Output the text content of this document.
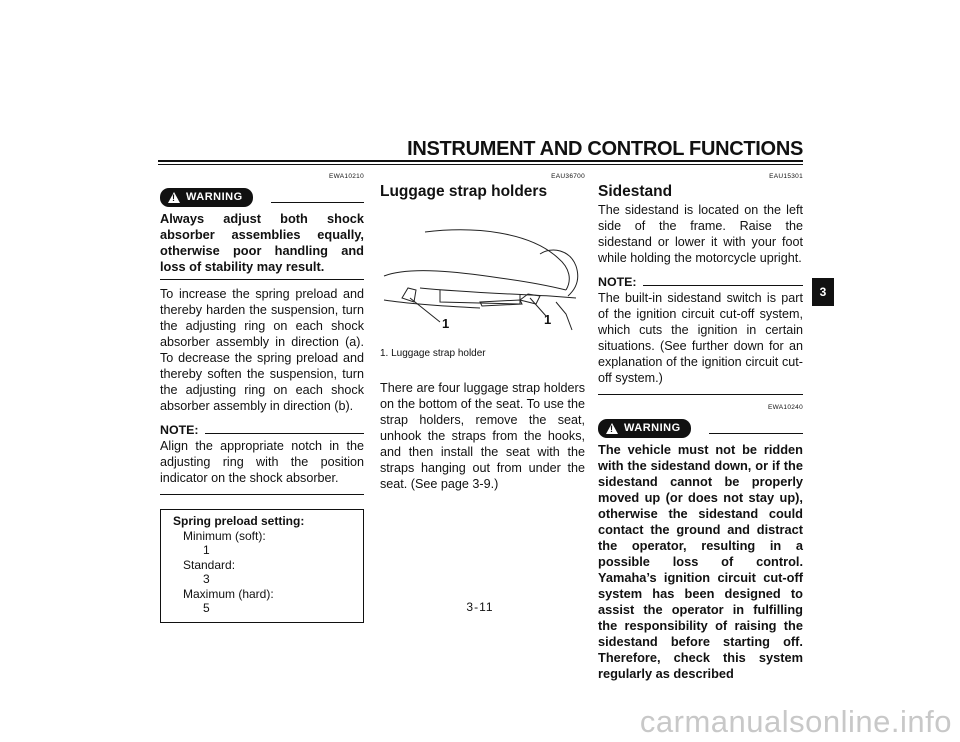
INSTRUMENT AND CONTROL FUNCTIONS
EWA10210
! WARNING
Always adjust both shock absorber assemblies equally, otherwise poor handling and loss of stability may result.

To increase the spring preload and thereby harden the suspension, turn the adjusting ring on each shock absorber assembly in direction (a). To decrease the spring preload and thereby soften the suspension, turn the adjusting ring on each shock absorber assembly in direction (b).

NOTE:

Align the appropriate notch in the adjusting ring with the position indicator on the shock absorber.

Spring preload setting:
Minimum (soft):
1
Standard:
3
Maximum (hard):
5
EAU36700
Luggage strap holders
1	1
1. Luggage strap holder

There are four luggage strap holders on the bottom of the seat. To use the strap holders, remove the seat, unhook the straps from the hooks, and then install the seat with the straps hanging out from under the seat. (See page 3-9.)

EAU15301
Sidestand

The sidestand is located on the left side of the frame. Raise the sidestand or lower it with your foot while holding the motorcycle upright.

NOTE:

The built-in sidestand switch is part of the ignition circuit cut-off system, which cuts the ignition in certain situations. (See further down for an explanation of the ignition circuit cut-off system.)

EWA10240
! WARNING
The vehicle must not be ridden with the sidestand down, or if the sidestand cannot be properly moved up (or does not stay up), otherwise the sidestand could contact the ground and distract the operator, resulting in a possible loss of control. Yamaha’s ignition circuit cut-off system has been designed to assist the operator in fulfilling the responsibility of raising the sidestand before starting off. Therefore, check this system regularly as described
3-11
3
carmanualsonline.info
